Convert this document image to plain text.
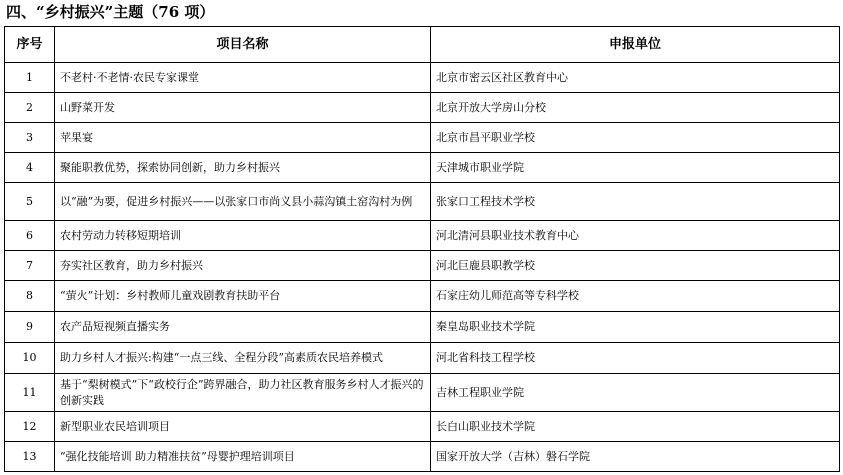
四、“乡村振兴”主题（76 项）
序号	项目名称	申报单位
1	不老村·不老情·农民专家课堂	北京市密云区社区教育中心
2	山野菜开发	北京开放大学房山分校
3	苹果宴	北京市昌平职业学校
4	聚能职教优势，探索协同创新，助力乡村振兴	天津城市职业学院
5	以“融”为要，促进乡村振兴——以张家口市尚义县小蒜沟镇土窑沟村为例	张家口工程技术学校
6	农村劳动力转移短期培训	河北清河县职业技术教育中心
7	夯实社区教育，助力乡村振兴	河北巨鹿县职教学校
8	“萤火”计划：乡村教师儿童戏剧教育扶助平台	石家庄幼儿师范高等专科学校
9	农产品短视频直播实务	秦皇岛职业技术学院
10	助力乡村人才振兴:构建“一点三线、全程分段”高素质农民培养模式	河北省科技工程学校
11	基于“梨树模式”下“政校行企”跨界融合，助力社区教育服务乡村人才振兴的创新实践	吉林工程职业学院
12	新型职业农民培训项目	长白山职业技术学院
13	“强化技能培训 助力精准扶贫”母婴护理培训项目	国家开放大学（吉林）磐石学院
